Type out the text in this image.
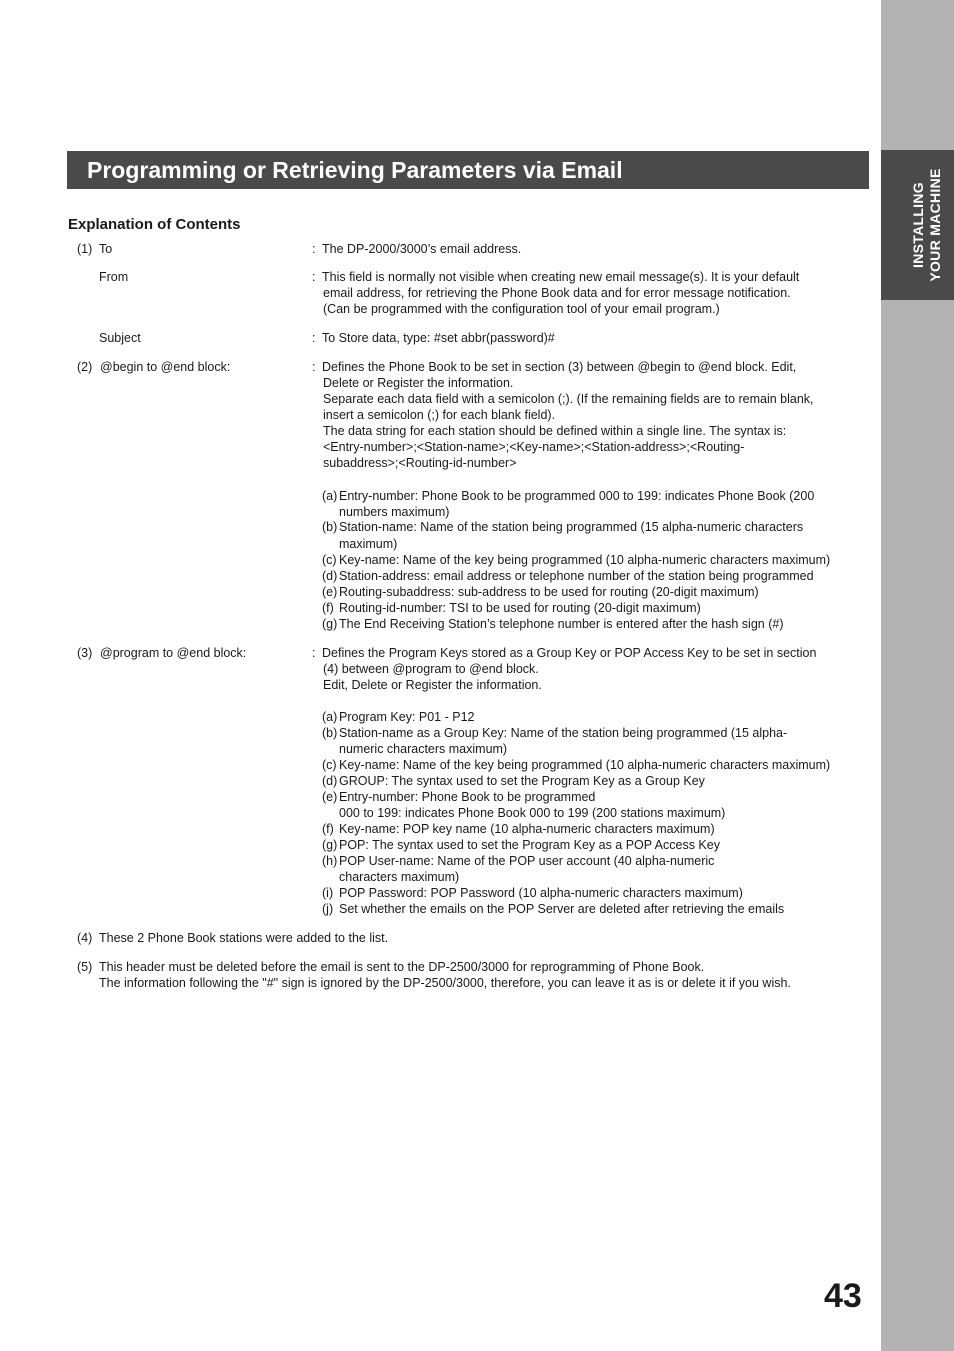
INSTALLING YOUR MACHINE
Programming or Retrieving Parameters via Email
Explanation of Contents
(1) To	: The DP-2000/3000’s email address.
From	: This field is normally not visible when creating new email message(s). It is your default
email address, for retrieving the Phone Book data and for error message notification.
(Can be programmed with the configuration tool of your email program.)
Subject	: To Store data, type: #set abbr(password)#
(2) @begin to @end block:	: Defines the Phone Book to be set in section (3) between @begin to @end block. Edit,
Delete or Register the information.
Separate each data field with a semicolon (;). (If the remaining fields are to remain blank,
insert a semicolon (;) for each blank field).
The data string for each station should be defined within a single line. The syntax is:
<Entry-number>;<Station-name>;<Key-name>;<Station-address>;<Routing-
subaddress>;<Routing-id-number>
(a) Entry-number: Phone Book to be programmed 000 to 199: indicates Phone Book (200
numbers maximum)
(b) Station-name: Name of the station being programmed (15 alpha-numeric characters
maximum)
(c) Key-name: Name of the key being programmed (10 alpha-numeric characters maximum)
(d) Station-address: email address or telephone number of the station being programmed
(e) Routing-subaddress: sub-address to be used for routing (20-digit maximum)
(f) Routing-id-number: TSI to be used for routing (20-digit maximum)
(g) The End Receiving Station’s telephone number is entered after the hash sign (#)
(3) @program to @end block:	: Defines the Program Keys stored as a Group Key or POP Access Key to be set in section
(4) between @program to @end block.
Edit, Delete or Register the information.
(a) Program Key: P01 - P12
(b) Station-name as a Group Key: Name of the station being programmed (15 alpha-
numeric characters maximum)
(c) Key-name: Name of the key being programmed (10 alpha-numeric characters maximum)
(d) GROUP: The syntax used to set the Program Key as a Group Key
(e) Entry-number: Phone Book to be programmed
000 to 199: indicates Phone Book 000 to 199 (200 stations maximum)
(f) Key-name: POP key name (10 alpha-numeric characters maximum)
(g) POP: The syntax used to set the Program Key as a POP Access Key
(h) POP User-name: Name of the POP user account (40 alpha-numeric
characters maximum)
(i) POP Password: POP Password (10 alpha-numeric characters maximum)
(j) Set whether the emails on the POP Server are deleted after retrieving the emails
(4) These 2 Phone Book stations were added to the list.
(5) This header must be deleted before the email is sent to the DP-2500/3000 for reprogramming of Phone Book.
The information following the "#" sign is ignored by the DP-2500/3000, therefore, you can leave it as is or delete it if you wish.
43
